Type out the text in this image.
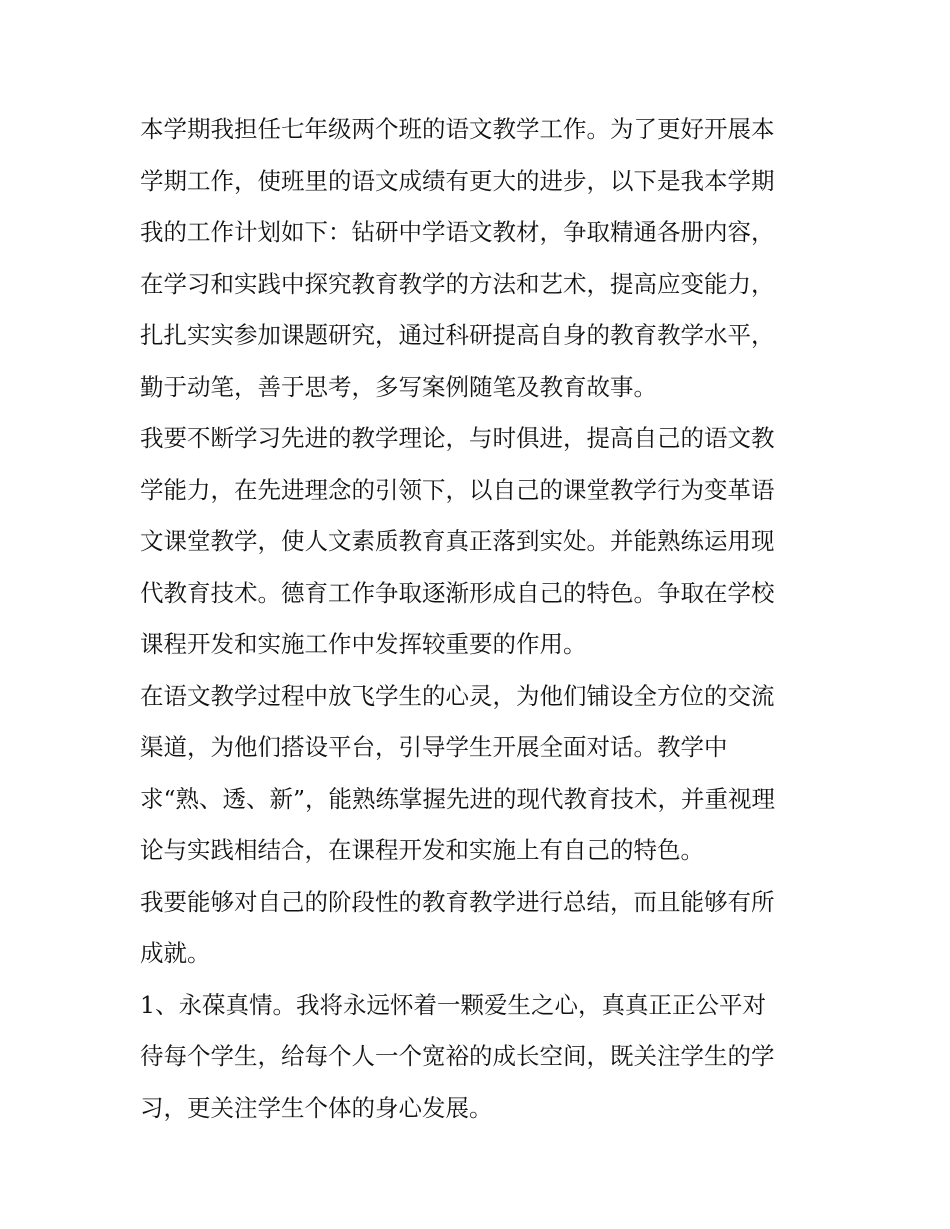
本学期我担任七年级两个班的语文教学工作。为了更好开展本
学期工作，使班里的语文成绩有更大的进步，以下是我本学期
我的工作计划如下：钻研中学语文教材，争取精通各册内容，
在学习和实践中探究教育教学的方法和艺术，提高应变能力，
扎扎实实参加课题研究，通过科研提高自身的教育教学水平，
勤于动笔，善于思考，多写案例随笔及教育故事。
我要不断学习先进的教学理论，与时俱进，提高自己的语文教
学能力，在先进理念的引领下，以自己的课堂教学行为变革语
文课堂教学，使人文素质教育真正落到实处。并能熟练运用现
代教育技术。德育工作争取逐渐形成自己的特色。争取在学校
课程开发和实施工作中发挥较重要的作用。
在语文教学过程中放飞学生的心灵，为他们铺设全方位的交流
渠道，为他们搭设平台，引导学生开展全面对话。教学中
求“熟、透、新”，能熟练掌握先进的现代教育技术，并重视理
论与实践相结合，在课程开发和实施上有自己的特色。
我要能够对自己的阶段性的教育教学进行总结，而且能够有所
成就。
1、永葆真情。我将永远怀着一颗爱生之心，真真正正公平对
待每个学生，给每个人一个宽裕的成长空间，既关注学生的学
习，更关注学生个体的身心发展。
